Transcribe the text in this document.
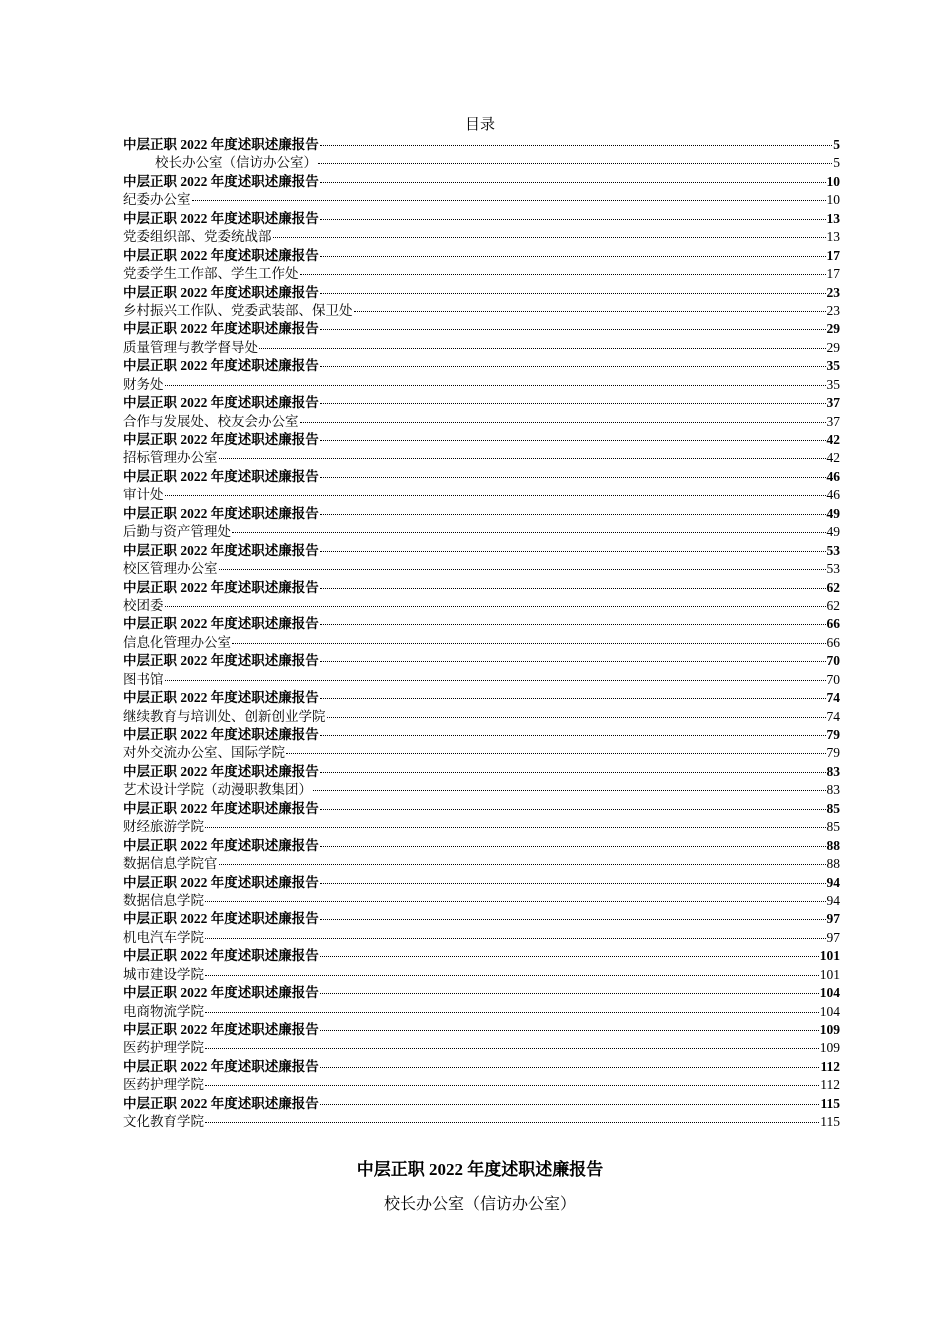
目录
中层正职 2022 年度述职述廉报告	5
校长办公室（信访办公室）	5
中层正职 2022 年度述职述廉报告	10
纪委办公室	10
中层正职 2022 年度述职述廉报告	13
党委组织部、党委统战部	13
中层正职 2022 年度述职述廉报告	17
党委学生工作部、学生工作处	17
中层正职 2022 年度述职述廉报告	23
乡村振兴工作队、党委武装部、保卫处	23
中层正职 2022 年度述职述廉报告	29
质量管理与教学督导处	29
中层正职 2022 年度述职述廉报告	35
财务处	35
中层正职 2022 年度述职述廉报告	37
合作与发展处、校友会办公室	37
中层正职 2022 年度述职述廉报告	42
招标管理办公室	42
中层正职 2022 年度述职述廉报告	46
审计处	46
中层正职 2022 年度述职述廉报告	49
后勤与资产管理处	49
中层正职 2022 年度述职述廉报告	53
校区管理办公室	53
中层正职 2022 年度述职述廉报告	62
校团委	62
中层正职 2022 年度述职述廉报告	66
信息化管理办公室	66
中层正职 2022 年度述职述廉报告	70
图书馆	70
中层正职 2022 年度述职述廉报告	74
继续教育与培训处、创新创业学院	74
中层正职 2022 年度述职述廉报告	79
对外交流办公室、国际学院	79
中层正职 2022 年度述职述廉报告	83
艺术设计学院（动漫职教集团）	83
中层正职 2022 年度述职述廉报告	85
财经旅游学院	85
中层正职 2022 年度述职述廉报告	88
数据信息学院官	88
中层正职 2022 年度述职述廉报告	94
数据信息学院	94
中层正职 2022 年度述职述廉报告	97
机电汽车学院	97
中层正职 2022 年度述职述廉报告	101
城市建设学院	101
中层正职 2022 年度述职述廉报告	104
电商物流学院	104
中层正职 2022 年度述职述廉报告	109
医药护理学院	109
中层正职 2022 年度述职述廉报告	112
医药护理学院	112
中层正职 2022 年度述职述廉报告	115
文化教育学院	115
中层正职 2022 年度述职述廉报告
校长办公室（信访办公室）
